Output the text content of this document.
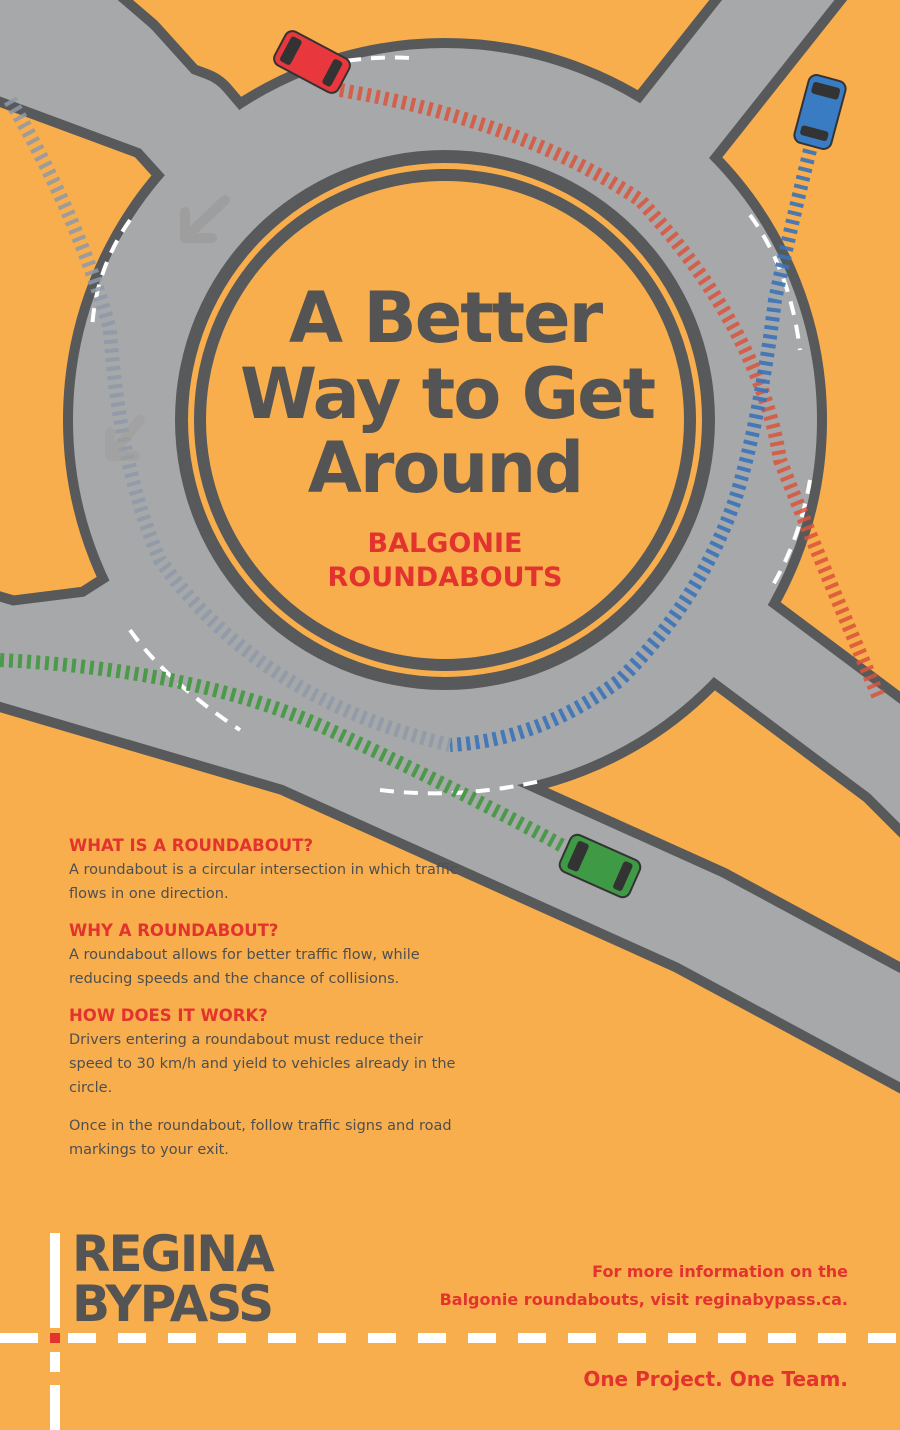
A Better
Way to Get
Around
BALGONIE
ROUNDABOUTS
WHAT IS A ROUNDABOUT?

A roundabout is a circular intersection in which traffic flows in one direction.

WHY A ROUNDABOUT?

A roundabout allows for better traffic flow, while reducing speeds and the chance of collisions.

HOW DOES IT WORK?

Drivers entering a roundabout must reduce their speed to 30 km/h and yield to vehicles already in the circle.

Once in the roundabout, follow traffic signs and road markings to your exit.

REGINA
BYPASS
For more information on the
Balgonie roundabouts, visit reginabypass.ca.
One Project. One Team.
